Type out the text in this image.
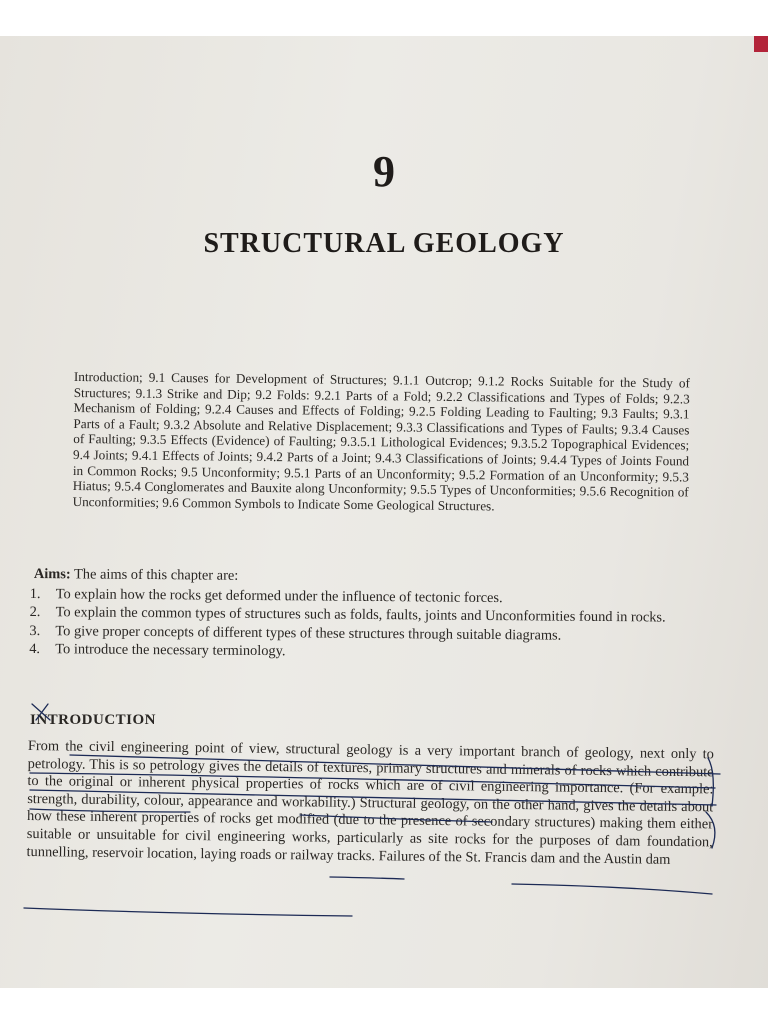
9
STRUCTURAL GEOLOGY
Introduction; 9.1 Causes for Development of Structures; 9.1.1 Outcrop; 9.1.2 Rocks Suitable for the Study of Structures; 9.1.3 Strike and Dip; 9.2 Folds: 9.2.1 Parts of a Fold; 9.2.2 Classifications and Types of Folds; 9.2.3 Mechanism of Folding; 9.2.4 Causes and Effects of Folding; 9.2.5 Folding Leading to Faulting; 9.3 Faults; 9.3.1 Parts of a Fault; 9.3.2 Absolute and Relative Displacement; 9.3.3 Classifications and Types of Faults; 9.3.4 Causes of Faulting; 9.3.5 Effects (Evidence) of Faulting; 9.3.5.1 Lithological Evidences; 9.3.5.2 Topographical Evidences; 9.4 Joints; 9.4.1 Effects of Joints; 9.4.2 Parts of a Joint; 9.4.3 Classifications of Joints; 9.4.4 Types of Joints Found in Common Rocks; 9.5 Unconformity; 9.5.1 Parts of an Unconformity; 9.5.2 Formation of an Unconformity; 9.5.3 Hiatus; 9.5.4 Conglomerates and Bauxite along Unconformity; 9.5.5 Types of Unconformities; 9.5.6 Recognition of Unconformities; 9.6 Common Symbols to Indicate Some Geological Structures.
Aims: The aims of this chapter are:
1.	To explain how the rocks get deformed under the influence of tectonic forces.
2.	To explain the common types of structures such as folds, faults, joints and Unconformities found in rocks.
3.	To give proper concepts of different types of these structures through suitable diagrams.
4.	To introduce the necessary terminology.
INTRODUCTION
From the civil engineering point of view, structural geology is a very important branch of geology, next only to petrology. This is so petrology gives the details of textures, primary structures and minerals of rocks which contribute to the original or inherent physical properties of rocks which are of civil engineering importance. (For example: strength, durability, colour, appearance and workability.) Structural geology, on the other hand, gives the details about how these inherent properties of rocks get modified (due to the presence of secondary structures) making them either suitable or unsuitable for civil engineering works, particularly as site rocks for the purposes of dam foundation, tunnelling, reservoir location, laying roads or railway tracks. Failures of the St. Francis dam and the Austin dam
